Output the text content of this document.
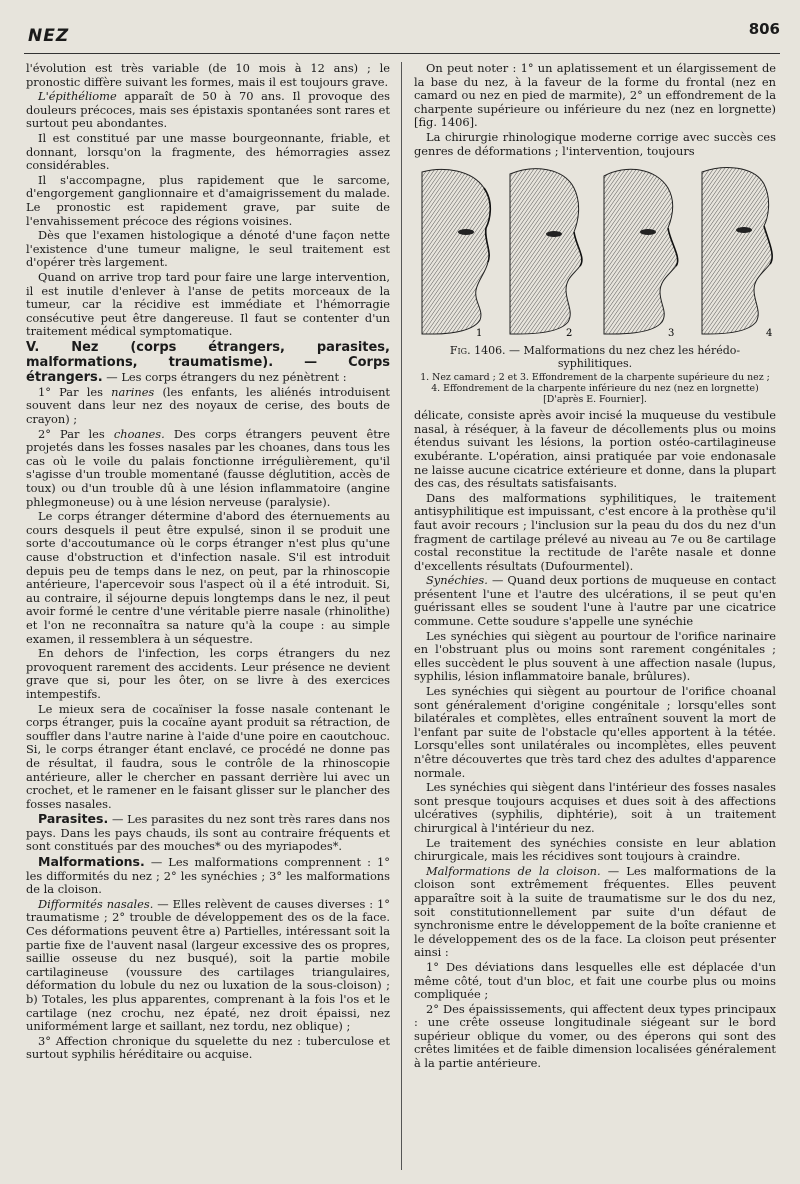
NEZ	806

l'évolution est très variable (de 10 mois à 12 ans) ; le pronostic diffère suivant les formes, mais il est toujours grave.

L'épithéliome apparaît de 50 à 70 ans. Il provoque des douleurs précoces, mais ses épistaxis spontanées sont rares et surtout peu abondantes.

Il est constitué par une masse bourgeonnante, friable, et donnant, lorsqu'on la fragmente, des hémorragies assez considérables.

Il s'accompagne, plus rapidement que le sarcome, d'engorgement ganglionnaire et d'amaigrissement du malade. Le pronostic est rapidement grave, par suite de l'envahissement précoce des régions voisines.

Dès que l'examen histologique a dénoté d'une façon nette l'existence d'une tumeur maligne, le seul traitement est d'opérer très largement.

Quand on arrive trop tard pour faire une large intervention, il est inutile d'enlever à l'anse de petits morceaux de la tumeur, car la récidive est immédiate et l'hémorragie consécutive peut être dangereuse. Il faut se contenter d'un traitement médical symptomatique.

V. Nez (corps étrangers, parasites, malformations, traumatisme). — Corps étrangers. — Les corps étrangers du nez pénètrent :

1° Par les narines (les enfants, les aliénés introduisent souvent dans leur nez des noyaux de cerise, des bouts de crayon) ;

2° Par les choanes. Des corps étrangers peuvent être projetés dans les fosses nasales par les choanes, dans tous les cas où le voile du palais fonctionne irrégulièrement, qu'il s'agisse d'un trouble momentané (fausse déglutition, accès de toux) ou d'un trouble dû à une lésion inflammatoire (angine phlegmoneuse) ou à une lésion nerveuse (paralysie).

Le corps étranger détermine d'abord des éternuements au cours desquels il peut être expulsé, sinon il se produit une sorte d'accoutumance où le corps étranger n'est plus qu'une cause d'obstruction et d'infection nasale. S'il est introduit depuis peu de temps dans le nez, on peut, par la rhinoscopie antérieure, l'apercevoir sous l'aspect où il a été introduit. Si, au contraire, il séjourne depuis longtemps dans le nez, il peut avoir formé le centre d'une véritable pierre nasale (rhinolithe) et l'on ne reconnaîtra sa nature qu'à la coupe : au simple examen, il ressemblera à un séquestre.

En dehors de l'infection, les corps étrangers du nez provoquent rarement des accidents. Leur présence ne devient grave que si, pour les ôter, on se livre à des exercices intempestifs.

Le mieux sera de cocaïniser la fosse nasale contenant le corps étranger, puis la cocaïne ayant produit sa rétraction, de souffler dans l'autre narine à l'aide d'une poire en caoutchouc. Si, le corps étranger étant enclavé, ce procédé ne donne pas de résultat, il faudra, sous le contrôle de la rhinoscopie antérieure, aller le chercher en passant derrière lui avec un crochet, et le ramener en le faisant glisser sur le plancher des fosses nasales.

Parasites. — Les parasites du nez sont très rares dans nos pays. Dans les pays chauds, ils sont au contraire fréquents et sont constitués par des mouches* ou des myriapodes*.

Malformations. — Les malformations comprennent : 1° les difformités du nez ; 2° les synéchies ; 3° les malformations de la cloison.

Difformités nasales. — Elles relèvent de causes diverses : 1° traumatisme ; 2° trouble de développement des os de la face. Ces déformations peuvent être a) Partielles, intéressant soit la partie fixe de l'auvent nasal (largeur excessive des os propres, saillie osseuse du nez busqué), soit la partie mobile cartilagineuse (voussure des cartilages triangulaires, déformation du lobule du nez ou luxation de la sous-cloison) ; b) Totales, les plus apparentes, comprenant à la fois l'os et le cartilage (nez crochu, nez épaté, nez droit épaissi, nez uniformément large et saillant, nez tordu, nez oblique) ;

3° Affection chronique du squelette du nez : tuberculose et surtout syphilis héréditaire ou acquise.

On peut noter : 1° un aplatissement et un élargissement de la base du nez, à la faveur de la forme du frontal (nez en camard ou nez en pied de marmite), 2° un effondrement de la charpente supérieure ou inférieure du nez (nez en lorgnette) [fig. 1406].

La chirurgie rhinologique moderne corrige avec succès ces genres de déformations ; l'intervention, toujours

1	2	3	4
Fig. 1406. — Malformations du nez chez les hérédo-syphilitiques.
1. Nez camard ; 2 et 3. Effondrement de la charpente supérieure du nez ; 4. Effondrement de la charpente inférieure du nez (nez en lorgnette) [D'après E. Fournier].

délicate, consiste après avoir incisé la muqueuse du vestibule nasal, à réséquer, à la faveur de décollements plus ou moins étendus suivant les lésions, la portion ostéo-cartilagineuse exubérante. L'opération, ainsi pratiquée par voie endonasale ne laisse aucune cicatrice extérieure et donne, dans la plupart des cas, des résultats satisfaisants.

Dans des malformations syphilitiques, le traitement antisyphilitique est impuissant, c'est encore à la prothèse qu'il faut avoir recours ; l'inclusion sur la peau du dos du nez d'un fragment de cartilage prélevé au niveau au 7e ou 8e cartilage costal reconstitue la rectitude de l'arête nasale et donne d'excellents résultats (Dufourmentel).

Synéchies. — Quand deux portions de muqueuse en contact présentent l'une et l'autre des ulcérations, il se peut qu'en guérissant elles se soudent l'une à l'autre par une cicatrice commune. Cette soudure s'appelle une synéchie

Les synéchies qui siègent au pourtour de l'orifice narinaire en l'obstruant plus ou moins sont rarement congénitales ; elles succèdent le plus souvent à une affection nasale (lupus, syphilis, lésion inflammatoire banale, brûlures).

Les synéchies qui siègent au pourtour de l'orifice choanal sont généralement d'origine congénitale ; lorsqu'elles sont bilatérales et complètes, elles entraînent souvent la mort de l'enfant par suite de l'obstacle qu'elles apportent à la tétée. Lorsqu'elles sont unilatérales ou incomplètes, elles peuvent n'être découvertes que très tard chez des adultes d'apparence normale.

Les synéchies qui siègent dans l'intérieur des fosses nasales sont presque toujours acquises et dues soit à des affections ulcératives (syphilis, diphtérie), soit à un traitement chirurgical à l'intérieur du nez.

Le traitement des synéchies consiste en leur ablation chirurgicale, mais les récidives sont toujours à craindre.

Malformations de la cloison. — Les malformations de la cloison sont extrêmement fréquentes. Elles peuvent apparaître soit à la suite de traumatisme sur le dos du nez, soit constitutionnellement par suite d'un défaut de synchronisme entre le développement de la boîte cranienne et le développement des os de la face. La cloison peut présenter ainsi :

1° Des déviations dans lesquelles elle est déplacée d'un même côté, tout d'un bloc, et fait une courbe plus ou moins compliquée ;

2° Des épaississements, qui affectent deux types principaux : une crête osseuse longitudinale siégeant sur le bord supérieur oblique du vomer, ou des éperons qui sont des crêtes limitées et de faible dimension localisées généralement à la partie antérieure.
